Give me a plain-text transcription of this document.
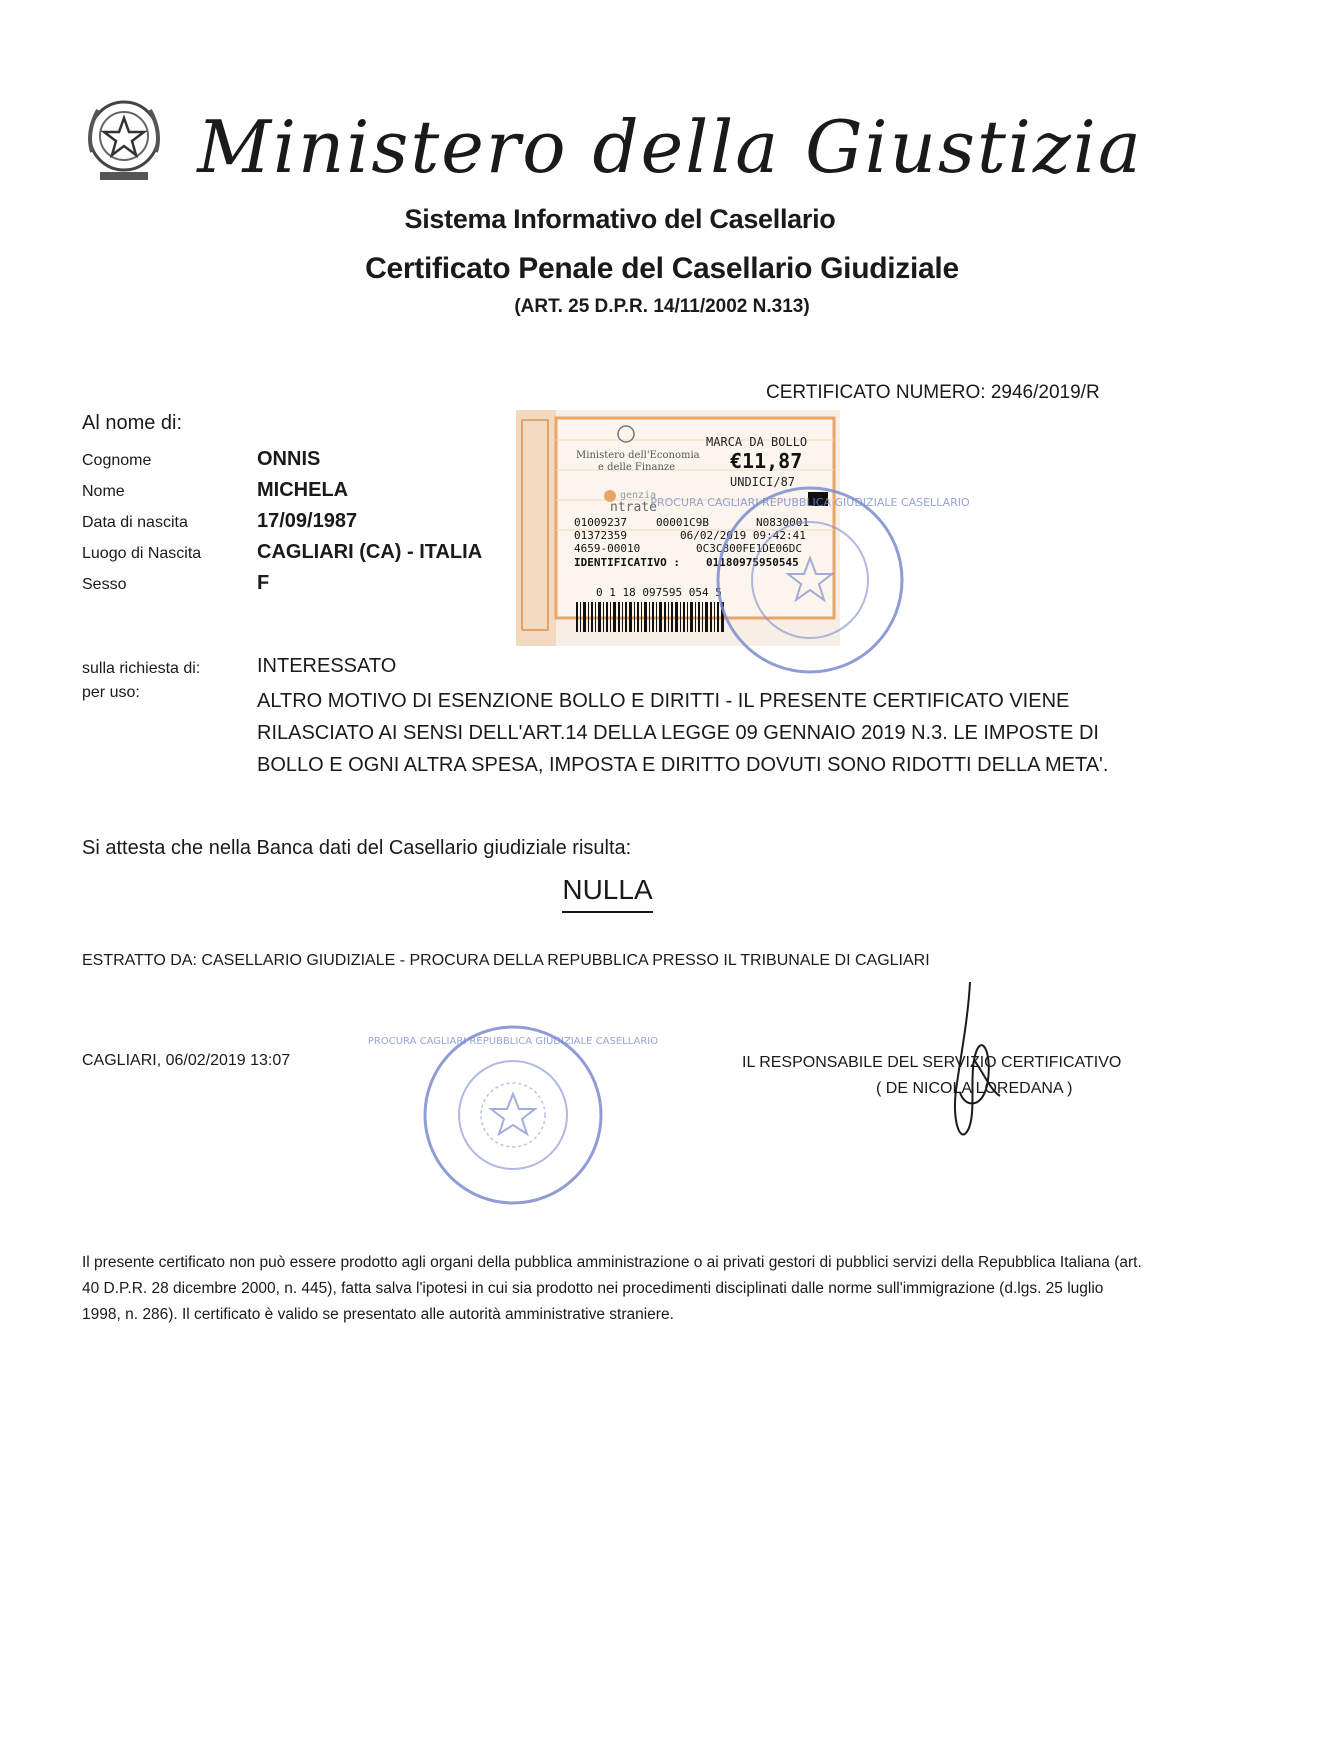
Ministero della Giustizia
Sistema Informativo del Casellario
Certificato Penale del Casellario Giudiziale
(ART. 25 D.P.R. 14/11/2002 N.313)
CERTIFICATO NUMERO: 2946/2019/R
Al nome di:
Cognome	ONNIS
Nome	MICHELA
Data di nascita	17/09/1987
Luogo di Nascita	CAGLIARI (CA) - ITALIA
Sesso	F
Ministero dell'Economia
e delle Finanze
MARCA DA BOLLO
€11,87
UNDICI/87
genzia
ntrate
01009237	00001C9B	N0830001
01372359	06/02/2019 09:42:41
4659-00010	0C3C800FE1DE06DC
IDENTIFICATIVO : 01180975950545
0 1 18 097595 054 5
PROCURA CAGLIARI REPUBBLICA GIUDIZIALE CASELLARIO
sulla richiesta di:	INTERESSATO
per uso:	ALTRO MOTIVO DI ESENZIONE BOLLO E DIRITTI - IL PRESENTE CERTIFICATO VIENE RILASCIATO AI SENSI DELL'ART.14 DELLA LEGGE 09 GENNAIO 2019 N.3. LE IMPOSTE DI BOLLO E OGNI ALTRA SPESA, IMPOSTA E DIRITTO DOVUTI SONO RIDOTTI DELLA META'.
Si attesta che nella Banca dati del Casellario giudiziale risulta:
NULLA
ESTRATTO DA: CASELLARIO GIUDIZIALE - PROCURA DELLA REPUBBLICA PRESSO IL TRIBUNALE DI CAGLIARI
CAGLIARI, 06/02/2019 13:07
PROCURA CAGLIARI REPUBBLICA GIUDIZIALE CASELLARIO
IL RESPONSABILE DEL SERVIZIO CERTIFICATIVO
( DE NICOLA LOREDANA )
Il presente certificato non può essere prodotto agli organi della pubblica amministrazione o ai privati gestori di pubblici servizi della Repubblica Italiana (art. 40 D.P.R. 28 dicembre 2000, n. 445), fatta salva l'ipotesi in cui sia prodotto nei procedimenti disciplinati dalle norme sull'immigrazione (d.lgs. 25 luglio 1998, n. 286). Il certificato è valido se presentato alle autorità amministrative straniere.
